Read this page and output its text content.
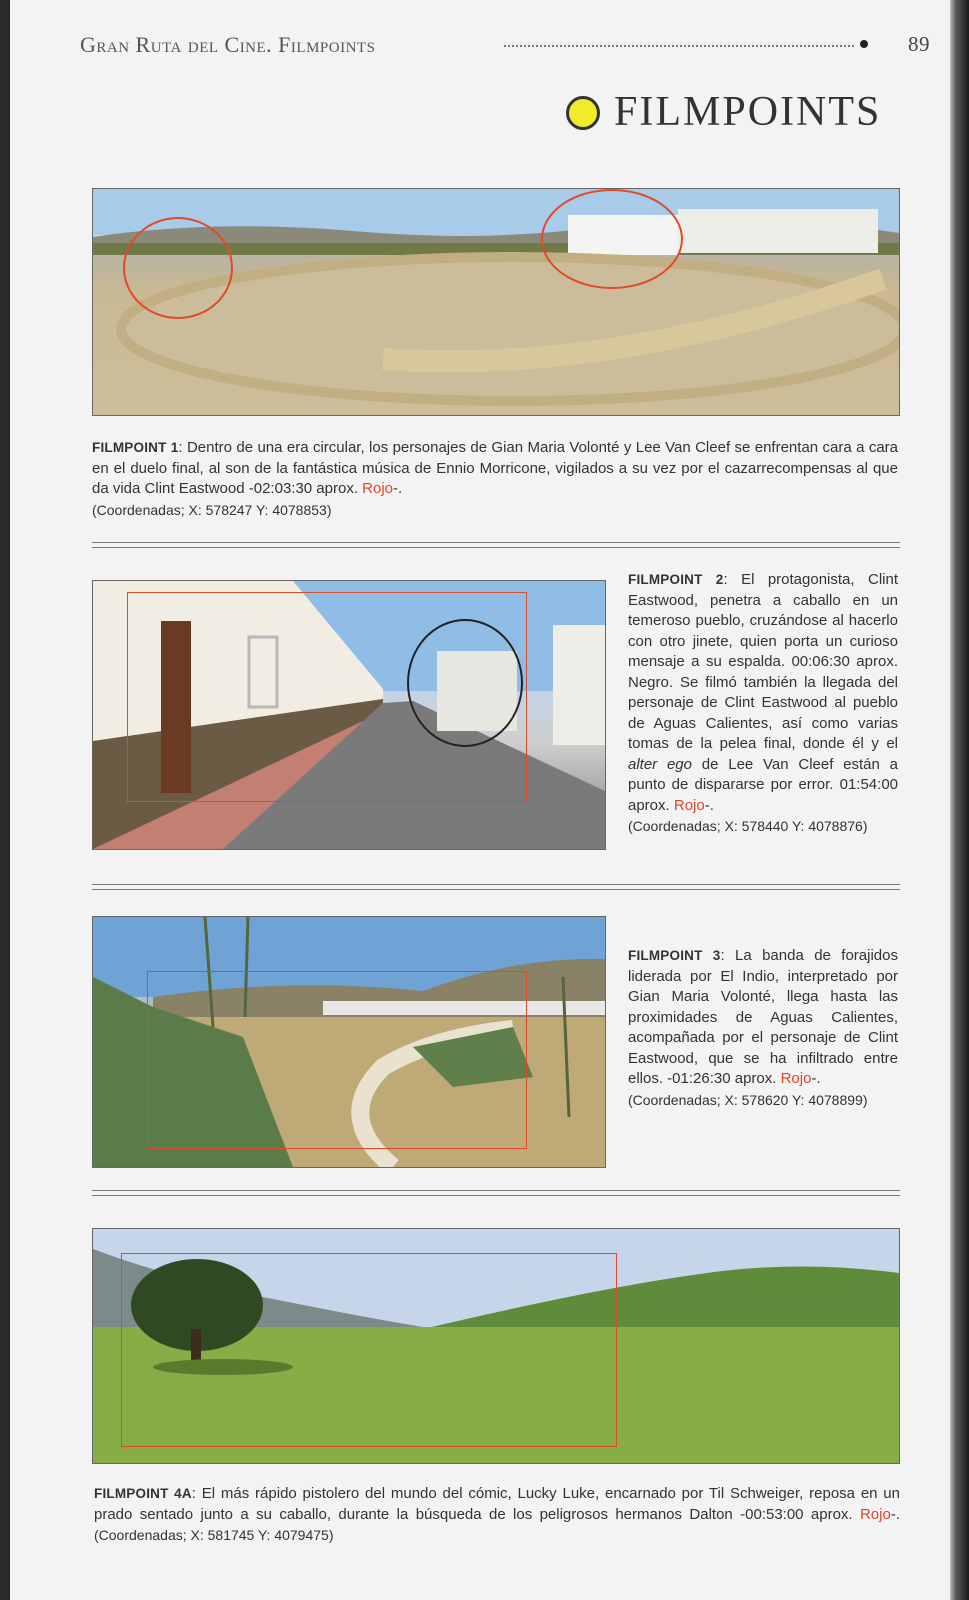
Gran Ruta del Cine. Filmpoints	89
FILMPOINTS
FILMPOINT 1: Dentro de una era circular, los personajes de Gian Maria Volonté y Lee Van Cleef se enfrentan cara a cara en el duelo final, al son de la fantástica música de Ennio Morricone, vigilados a su vez por el cazarrecompensas al que da vida Clint Eastwood -02:03:30 aprox. Rojo-.
(Coordenadas; X: 578247 Y: 4078853)
FILMPOINT 2: El protagonista, Clint Eastwood, penetra a caballo en un temeroso pueblo, cruzándose al hacerlo con otro jinete, quien porta un curioso mensaje a su espalda. 00:06:30 aprox. Negro. Se filmó también la llegada del personaje de Clint Eastwood al pueblo de Aguas Calientes, así como varias tomas de la pelea final, donde él y el alter ego de Lee Van Cleef están a punto de dispararse por error. 01:54:00 aprox. Rojo-.
(Coordenadas; X: 578440 Y: 4078876)
FILMPOINT 3: La banda de forajidos liderada por El Indio, interpretado por Gian Maria Volonté, llega hasta las proximidades de Aguas Calientes, acompañada por el personaje de Clint Eastwood, que se ha infiltrado entre ellos. -01:26:30 aprox. Rojo-.
(Coordenadas; X: 578620 Y: 4078899)
FILMPOINT 4A: El más rápido pistolero del mundo del cómic, Lucky Luke, encarnado por Til Schweiger, reposa en un prado sentado junto a su caballo, durante la búsqueda de los peligrosos hermanos Dalton -00:53:00 aprox. Rojo-. (Coordenadas; X: 581745 Y: 4079475)
